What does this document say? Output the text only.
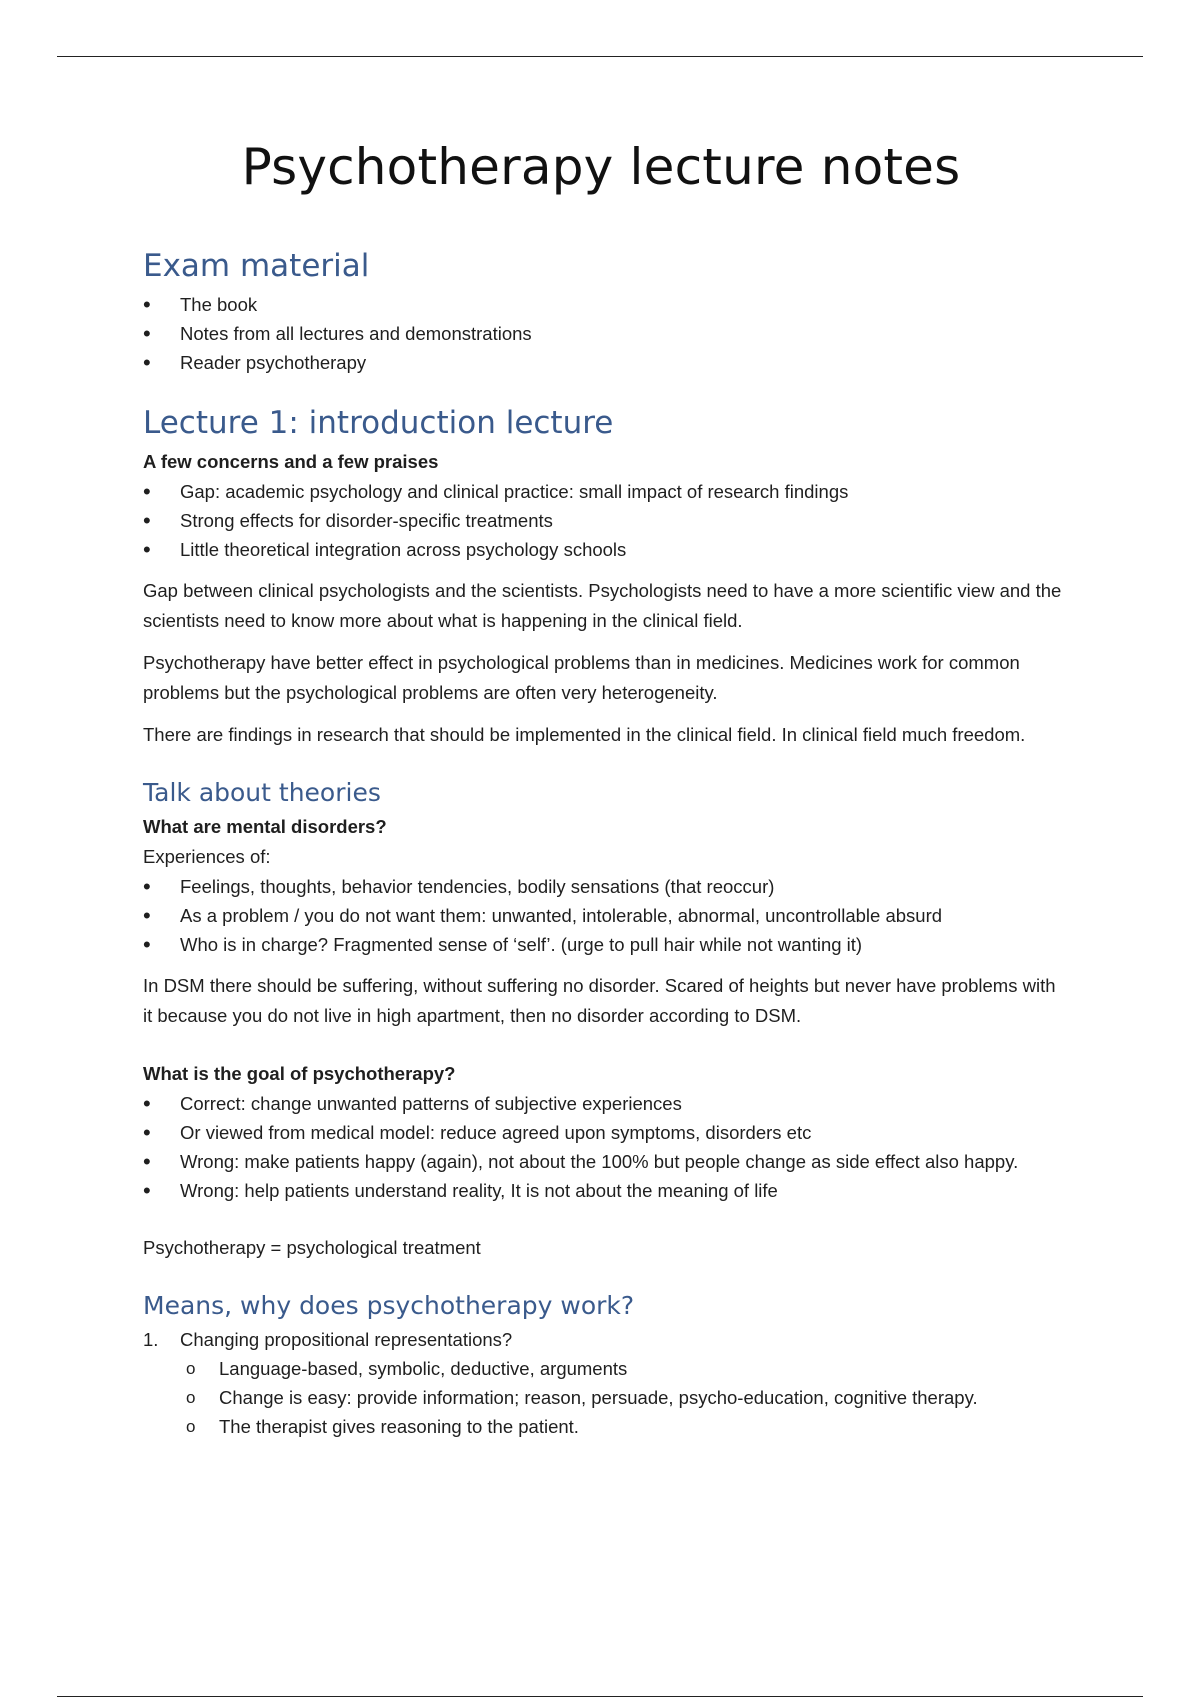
Psychotherapy lecture notes
Exam material
• The book
• Notes from all lectures and demonstrations
• Reader psychotherapy
Lecture 1: introduction lecture

A few concerns and a few praises

• Gap: academic psychology and clinical practice: small impact of research findings
• Strong effects for disorder-specific treatments
• Little theoretical integration across psychology schools

Gap between clinical psychologists and the scientists. Psychologists need to have a more scientific view and the scientists need to know more about what is happening in the clinical field.

Psychotherapy have better effect in psychological problems than in medicines. Medicines work for common problems but the psychological problems are often very heterogeneity.

There are findings in research that should be implemented in the clinical field. In clinical field much freedom.

Talk about theories

What are mental disorders?

Experiences of:

• Feelings, thoughts, behavior tendencies, bodily sensations (that reoccur)
• As a problem / you do not want them: unwanted, intolerable, abnormal, uncontrollable absurd
• Who is in charge? Fragmented sense of ‘self’. (urge to pull hair while not wanting it)

In DSM there should be suffering, without suffering no disorder. Scared of heights but never have problems with it because you do not live in high apartment, then no disorder according to DSM.

What is the goal of psychotherapy?

• Correct: change unwanted patterns of subjective experiences
• Or viewed from medical model: reduce agreed upon symptoms, disorders etc
• Wrong: make patients happy (again), not about the 100% but people change as side effect also happy.
• Wrong: help patients understand reality, It is not about the meaning of life

Psychotherapy = psychological treatment

Means, why does psychotherapy work?
1. Changing propositional representations?
o Language-based, symbolic, deductive, arguments
o Change is easy: provide information; reason, persuade, psycho-education, cognitive therapy.
o The therapist gives reasoning to the patient.
